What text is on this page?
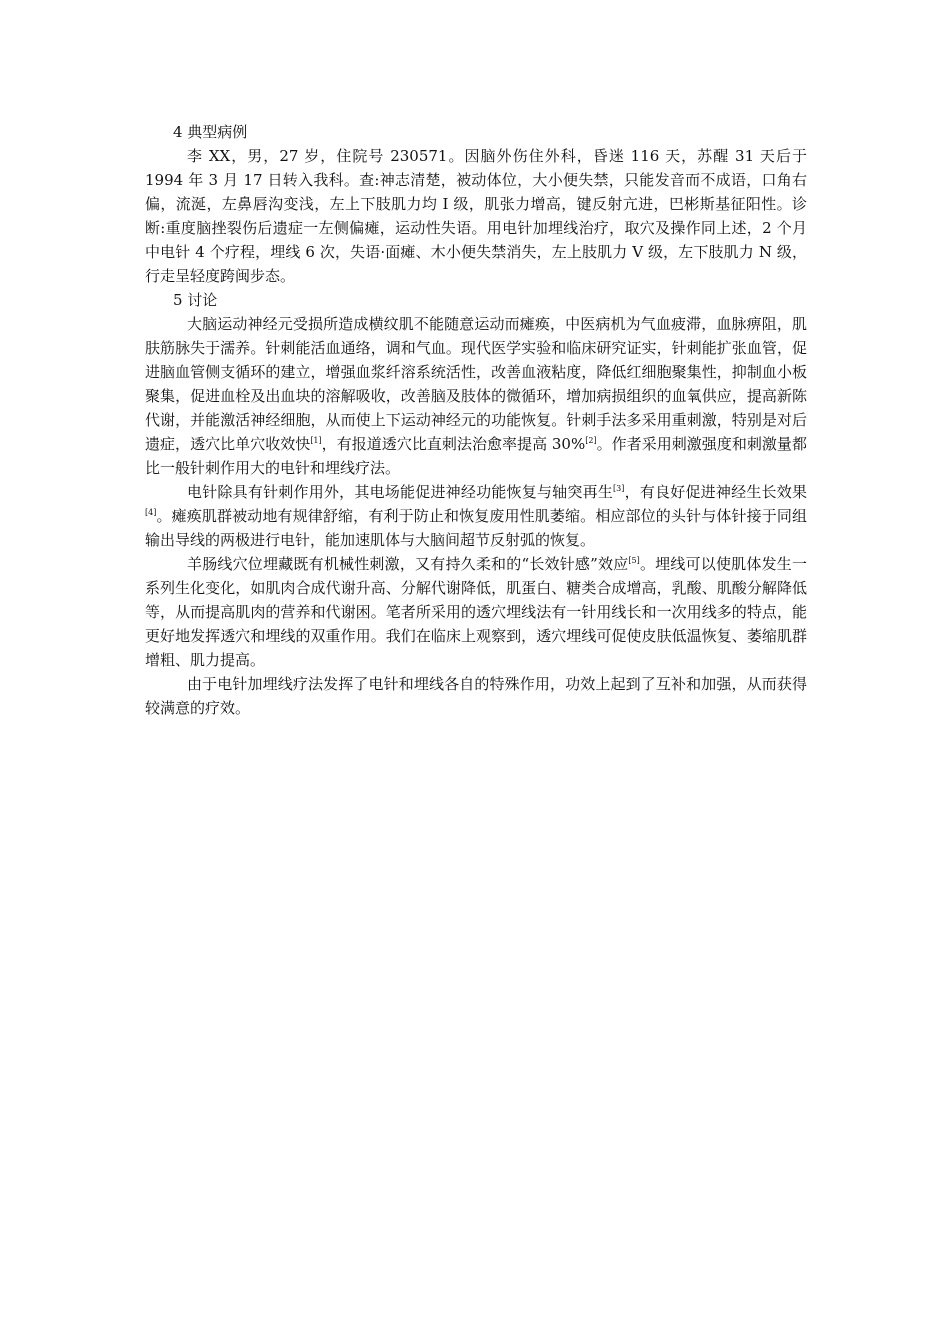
4 典型病例

李 XX，男，27 岁，住院号 230571。因脑外伤住外科，昏迷 116 天，苏醒 31 天后于 1994 年 3 月 17 日转入我科。查:神志清楚，被动体位，大小便失禁，只能发音而不成语，口角右偏，流涎，左鼻唇沟变浅，左上下肢肌力均 I 级，肌张力增高，键反射亢进，巴彬斯基征阳性。诊断:重度脑挫裂伤后遗症一左侧偏瘫，运动性失语。用电针加埋线治疗，取穴及操作同上述，2 个月中电针 4 个疗程，埋线 6 次，失语·面瘫、木小便失禁消失，左上肢肌力 V 级，左下肢肌力 N 级，行走呈轻度跨闽步态。

5 讨论

大脑运动神经元受损所造成横纹肌不能随意运动而瘫痪，中医病机为气血疲滞，血脉痹阻，肌肤筋脉失于濡养。针刺能活血通络，调和气血。现代医学实验和临床研究证实，针刺能扩张血管，促进脑血管侧支循环的建立，增强血浆纤溶系统活性，改善血液粘度，降低红细胞聚集性，抑制血小板聚集，促进血栓及出血块的溶解吸收，改善脑及肢体的微循环，增加病损组织的血氧供应，提高新陈代谢，并能激活神经细胞，从而使上下运动神经元的功能恢复。针刺手法多采用重刺激，特别是对后遗症，透穴比单穴收效快[1]，有报道透穴比直刺法治愈率提高 30%[2]。作者采用刺激强度和刺激量都比一般针刺作用大的电针和埋线疗法。

电针除具有针刺作用外，其电场能促进神经功能恢复与轴突再生[3]，有良好促进神经生长效果[4]。瘫痪肌群被动地有规律舒缩，有利于防止和恢复废用性肌萎缩。相应部位的头针与体针接于同组输出导线的两极进行电针，能加速肌体与大脑间超节反射弧的恢复。

羊肠线穴位埋藏既有机械性刺激，又有持久柔和的“长效针感”效应[5]。埋线可以使肌体发生一系列生化变化，如肌肉合成代谢升高、分解代谢降低，肌蛋白、糖类合成增高，乳酸、肌酸分解降低等，从而提高肌肉的营养和代谢困。笔者所采用的透穴埋线法有一针用线长和一次用线多的特点，能更好地发挥透穴和埋线的双重作用。我们在临床上观察到，透穴埋线可促使皮肤低温恢复、萎缩肌群增粗、肌力提高。

由于电针加埋线疗法发挥了电针和埋线各自的特殊作用，功效上起到了互补和加强，从而获得较满意的疗效。
